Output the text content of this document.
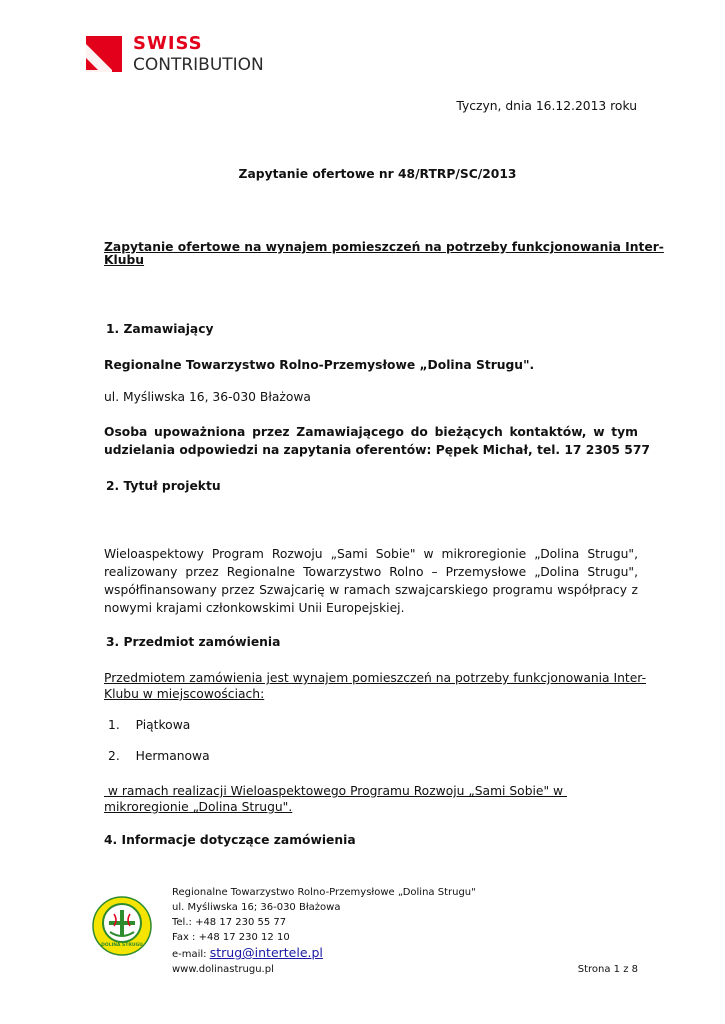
SWISS
CONTRIBUTION
Tyczyn, dnia 16.12.2013 roku
Zapytanie ofertowe nr 48/RTRP/SC/2013
Zapytanie ofertowe na wynajem pomieszczeń na potrzeby funkcjonowania Inter-
Klubu
1. Zamawiający
Regionalne Towarzystwo Rolno-Przemysłowe „Dolina Strugu".
ul. Myśliwska 16, 36-030 Błażowa
Osoba upoważniona przez Zamawiającego do bieżących kontaktów, w tym
udzielania odpowiedzi na zapytania oferentów: Pępek Michał, tel. 17 2305 577
2. Tytuł projektu
Wieloaspektowy Program Rozwoju „Sami Sobie" w mikroregionie „Dolina Strugu",
realizowany przez Regionalne Towarzystwo Rolno – Przemysłowe „Dolina Strugu",
współfinansowany przez Szwajcarię w ramach szwajcarskiego programu współpracy z
nowymi krajami członkowskimi Unii Europejskiej.
3. Przedmiot zamówienia
Przedmiotem zamówienia jest wynajem pomieszczeń na potrzeby funkcjonowania Inter-
Klubu w miejscowościach:
1. Piątkowa
2. Hermanowa
w ramach realizacji Wieloaspektowego Programu Rozwoju „Sami Sobie" w
mikroregionie „Dolina Strugu".
4. Informacje dotyczące zamówienia
DOLINA STRUGU
Regionalne Towarzystwo Rolno-Przemysłowe „Dolina Strugu"
ul. Myśliwska 16; 36-030 Błażowa
Tel.: +48 17 230 55 77
Fax : +48 17 230 12 10
e-mail: strug@intertele.pl
www.dolinastrugu.pl	Strona 1 z 8
